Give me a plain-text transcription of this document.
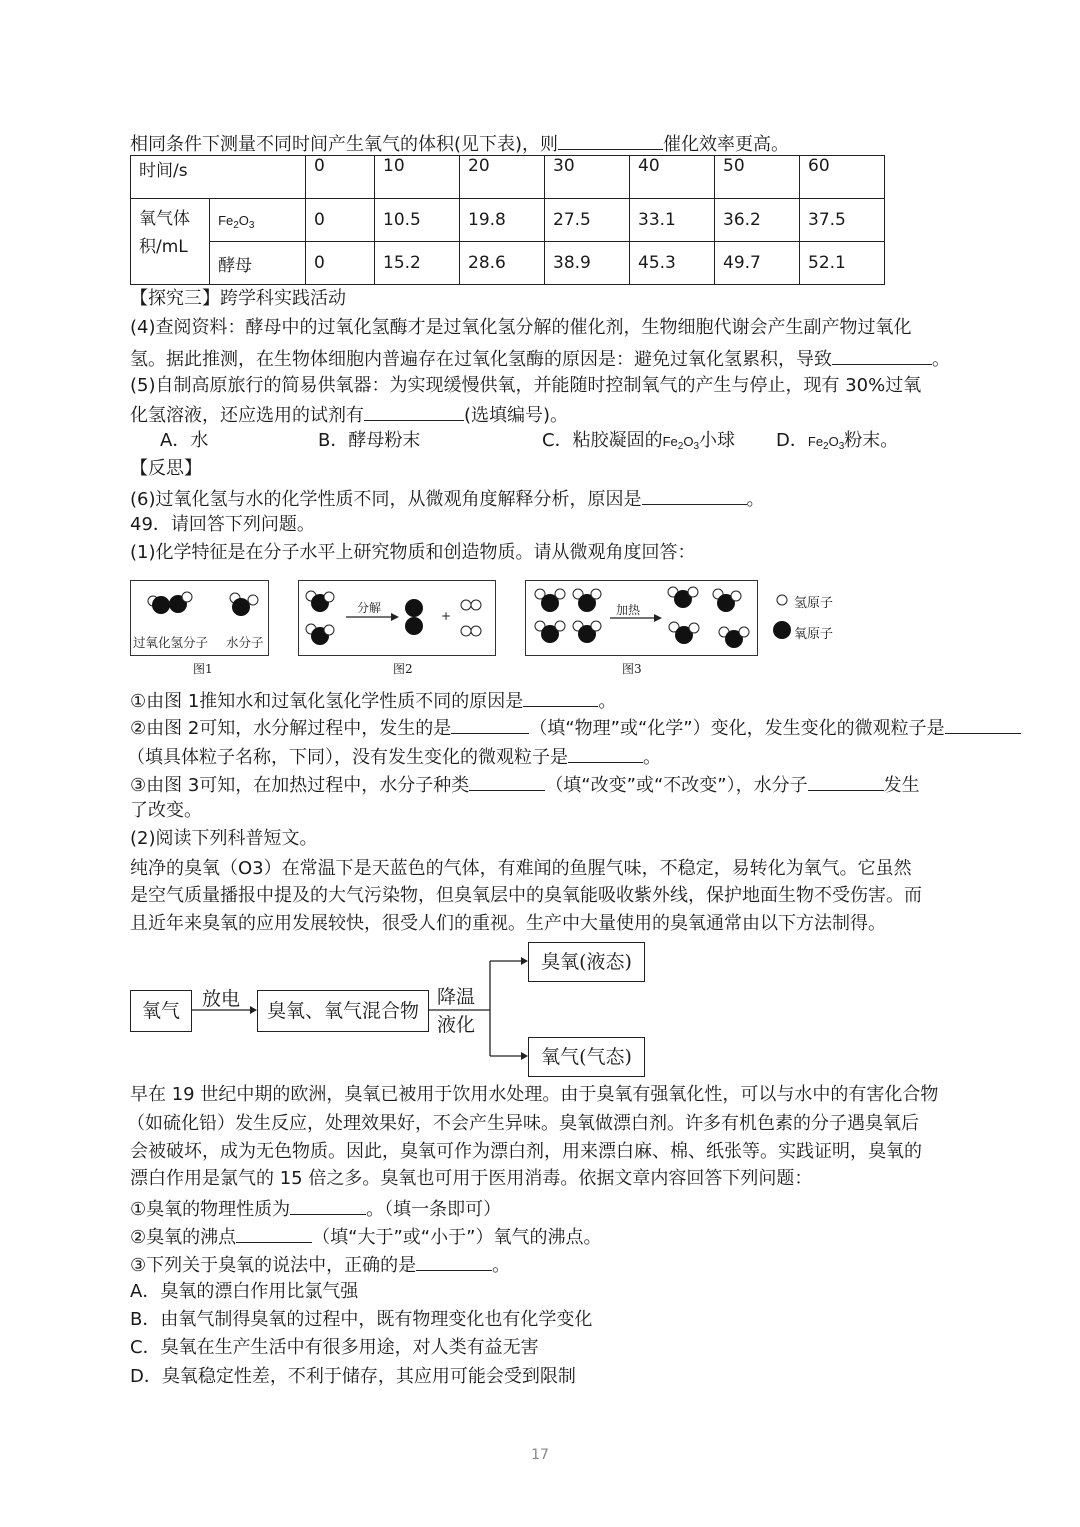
相同条件下测量不同时间产生氧气的体积(见下表)，则	催化效率更高。
时间/s		0	10	20	30	40	50	60
氧气体积/mL	$Fe_2O_3$	0	10.5	19.8	27.5	33.1	36.2	37.5
	酵母	0	15.2	28.6	38.9	45.3	49.7	52.1
【探究三】跨学科实践活动
(4)查阅资料：酵母中的过氧化氢酶才是过氧化氢分解的催化剂，生物细胞代谢会产生副产物过氧化
氢。据此推测，在生物体细胞内普遍存在过氧化氢酶的原因是：避免过氧化氢累积，导致	。
(5)自制高原旅行的简易供氧器：为实现缓慢供氧，并能随时控制氧气的产生与停止，现有 30%过氧
化氢溶液，还应选用的试剂有	(选填编号)。
A．水	B．酵母粉末	C．粘胶凝固的$Fe_2O_3$小球 D．$Fe_2O_3$粉末。
【反思】
(6)过氧化氢与水的化学性质不同，从微观角度解释分析，原因是	。
49．请回答下列问题。
(1)化学特征是在分子水平上研究物质和创造物质。请从微观角度回答：
过氧化氢分子 水分子
图1
分解
+
图2
加热
图3
氢原子
氧原子
①由图 1推知水和过氧化氢化学性质不同的原因是	。
②由图 2可知，水分解过程中，发生的是	（填“物理”或“化学”）变化，发生变化的微观粒子是
（填具体粒子名称，下同），没有发生变化的微观粒子是	。
③由图 3可知，在加热过程中，水分子种类	（填“改变”或“不改变”），水分子	发生
了改变。
(2)阅读下列科普短文。
纯净的臭氧（O3）在常温下是天蓝色的气体，有难闻的鱼腥气味，不稳定，易转化为氧气。它虽然
是空气质量播报中提及的大气污染物，但臭氧层中的臭氧能吸收紫外线，保护地面生物不受伤害。而
且近年来臭氧的应用发展较快，很受人们的重视。生产中大量使用的臭氧通常由以下方法制得。
氧气
放电
臭氧、氧气混合物
降温
液化
臭氧(液态)
氧气(气态)
早在 19 世纪中期的欧洲，臭氧已被用于饮用水处理。由于臭氧有强氧化性，可以与水中的有害化合物
（如硫化铅）发生反应，处理效果好，不会产生异味。臭氧做漂白剂。许多有机色素的分子遇臭氧后
会被破坏，成为无色物质。因此，臭氧可作为漂白剂，用来漂白麻、棉、纸张等。实践证明，臭氧的
漂白作用是氯气的 15 倍之多。臭氧也可用于医用消毒。依据文章内容回答下列问题：
①臭氧的物理性质为	。（填一条即可）
②臭氧的沸点	（填“大于”或“小于”）氧气的沸点。
③下列关于臭氧的说法中，正确的是	。
A．臭氧的漂白作用比氯气强
B．由氧气制得臭氧的过程中，既有物理变化也有化学变化
C．臭氧在生产生活中有很多用途，对人类有益无害
D．臭氧稳定性差，不利于储存，其应用可能会受到限制
17
